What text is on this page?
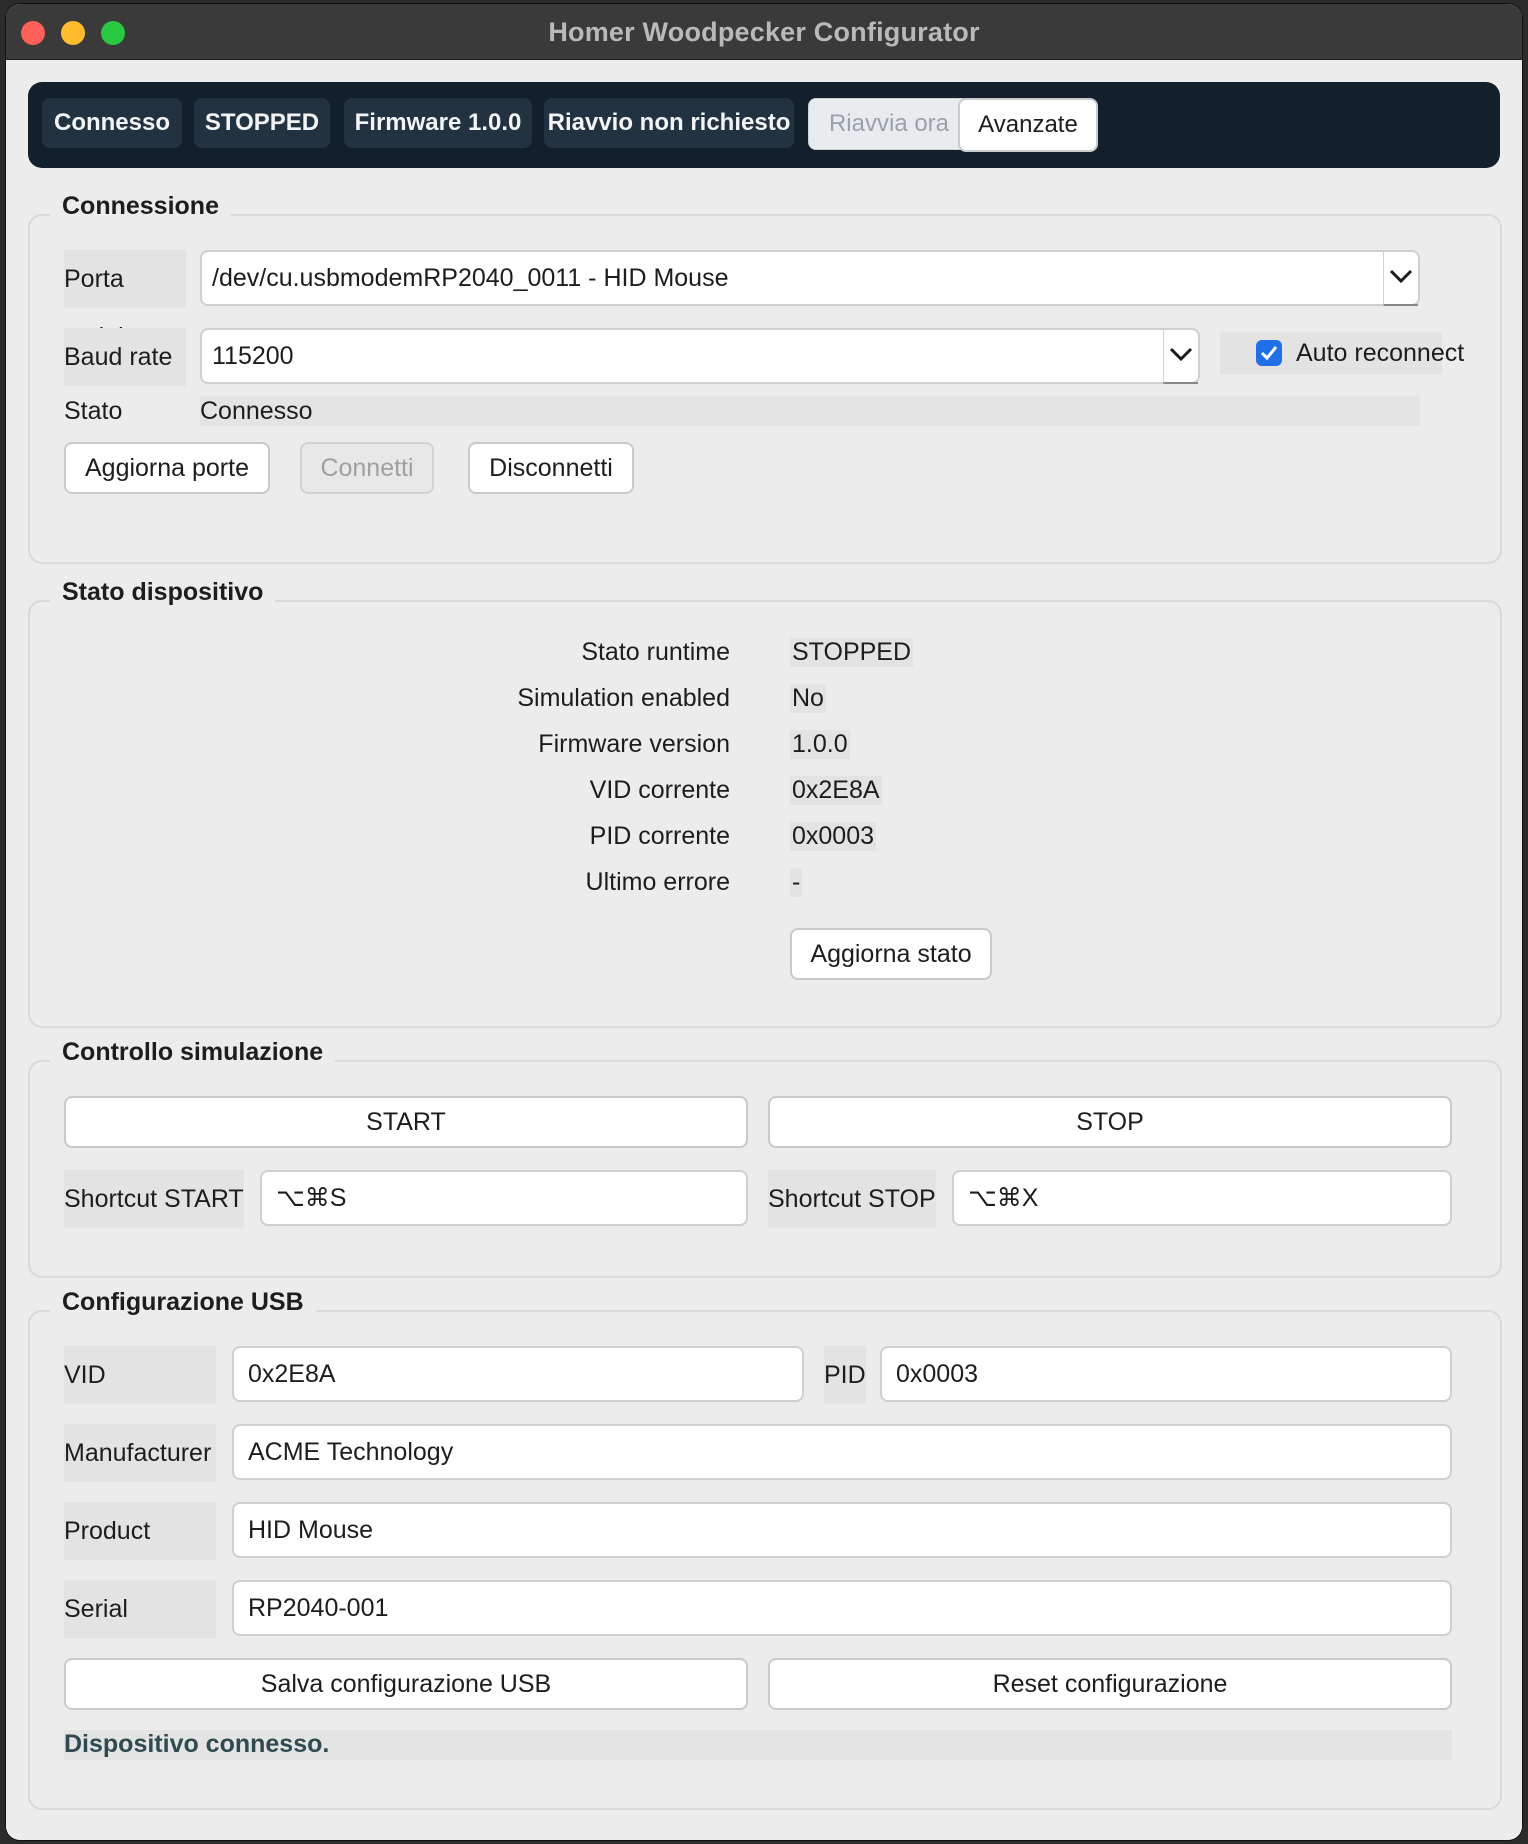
Homer Woodpecker Configurator
Connesso	STOPPED	Firmware 1.0.0	Riavvio non richiesto	Riavvia ora	Avanzate
Connessione
Porta	/dev/cu.usbmodemRP2040_0011 - HID Mouse
Baud rate	115200	Auto reconnect
Stato	Connesso
Aggiorna porte	Connetti	Disconnetti
Stato dispositivo
Stato runtime STOPPED
Simulation enabled No
Firmware version 1.0.0
VID corrente 0x2E8A
PID corrente 0x0003
Ultimo errore -
Aggiorna stato
Controllo simulazione
START	STOP
Shortcut START	⌥⌘S	Shortcut STOP	⌥⌘X
Configurazione USB
VID	0x2E8A	PID	0x0003
Manufacturer	ACME Technology
Product	HID Mouse
Serial	RP2040-001
Salva configurazione USB	Reset configurazione
Dispositivo connesso.
